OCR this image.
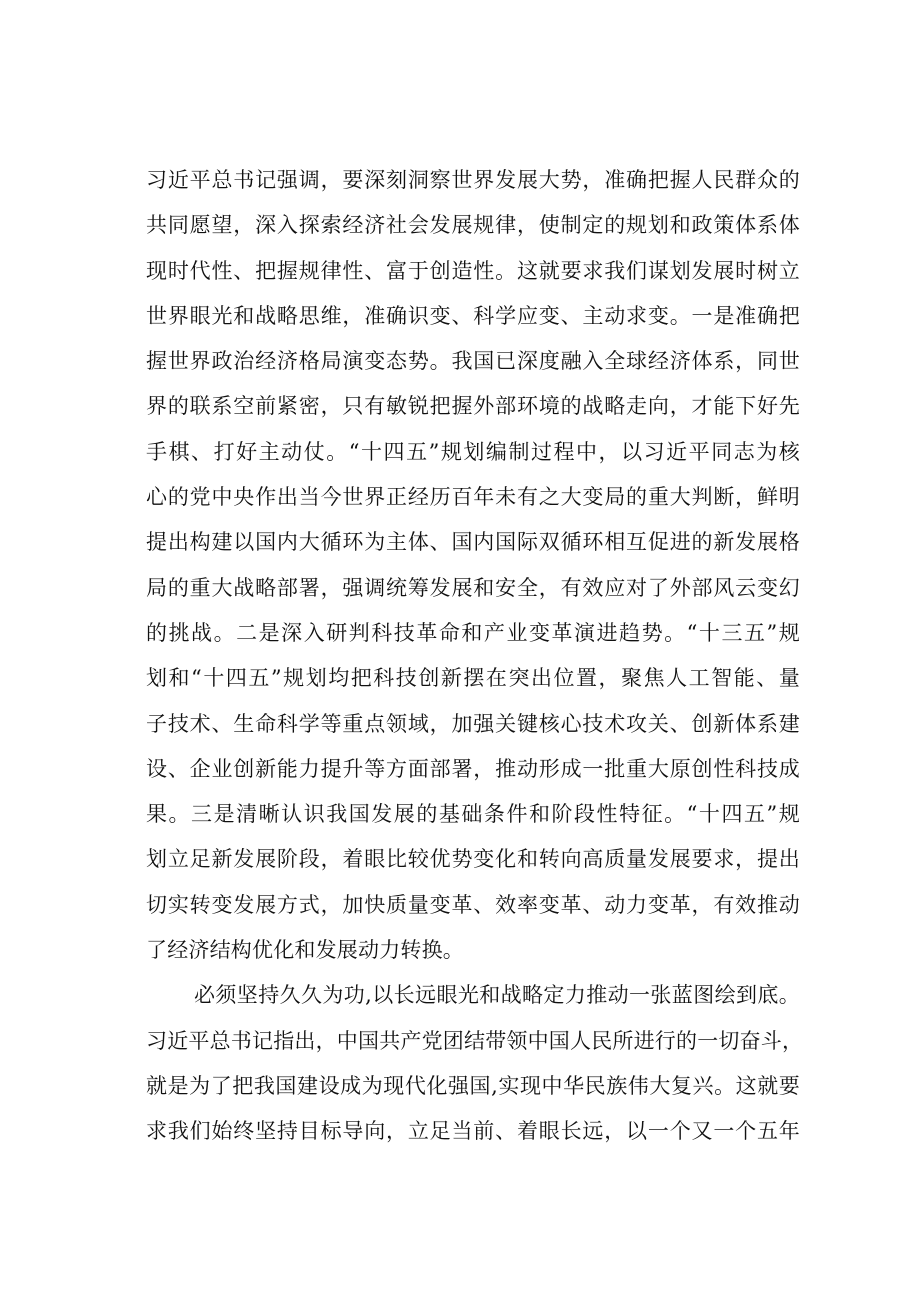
习近平总书记强调，要深刻洞察世界发展大势，准确把握人民群众的
共同愿望，深入探索经济社会发展规律，使制定的规划和政策体系体
现时代性、把握规律性、富于创造性。这就要求我们谋划发展时树立
世界眼光和战略思维，准确识变、科学应变、主动求变。一是准确把
握世界政治经济格局演变态势。我国已深度融入全球经济体系，同世
界的联系空前紧密，只有敏锐把握外部环境的战略走向，才能下好先
手棋、打好主动仗。“十四五”规划编制过程中，以习近平同志为核
心的党中央作出当今世界正经历百年未有之大变局的重大判断，鲜明
提出构建以国内大循环为主体、国内国际双循环相互促进的新发展格
局的重大战略部署，强调统筹发展和安全，有效应对了外部风云变幻
的挑战。二是深入研判科技革命和产业变革演进趋势。“十三五”规
划和“十四五”规划均把科技创新摆在突出位置，聚焦人工智能、量
子技术、生命科学等重点领域，加强关键核心技术攻关、创新体系建
设、企业创新能力提升等方面部署，推动形成一批重大原创性科技成
果。三是清晰认识我国发展的基础条件和阶段性特征。“十四五”规
划立足新发展阶段，着眼比较优势变化和转向高质量发展要求，提出
切实转变发展方式，加快质量变革、效率变革、动力变革，有效推动
了经济结构优化和发展动力转换。
必须坚持久久为功,以长远眼光和战略定力推动一张蓝图绘到底。
习近平总书记指出，中国共产党团结带领中国人民所进行的一切奋斗，
就是为了把我国建设成为现代化强国,实现中华民族伟大复兴。这就要
求我们始终坚持目标导向，立足当前、着眼长远，以一个又一个五年
